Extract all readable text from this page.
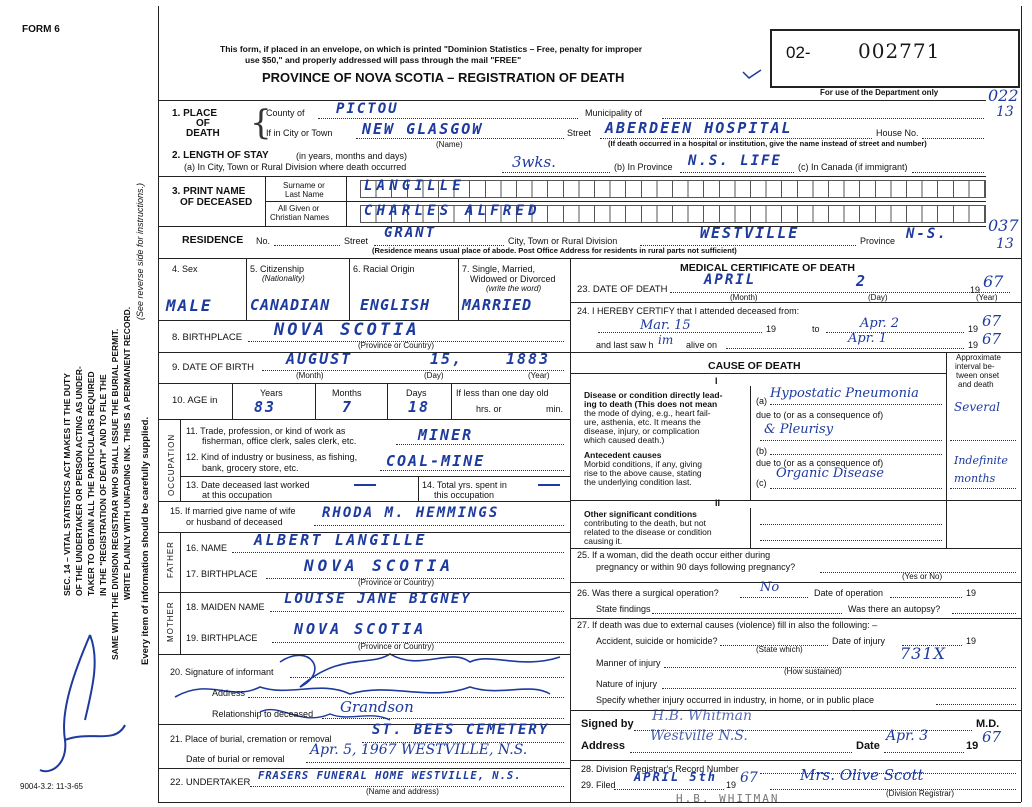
FORM 6
9004-3.2: 11-3-65
SEC. 14 – VITAL STATISTICS ACT MAKES IT THE DUTY OF THE UNDERTAKER OR PERSON ACTING AS UNDER- TAKER TO OBTAIN ALL THE PARTICULARS REQUIRED IN THE "REGISTRATION OF DEATH" AND TO FILE THE SAME WITH THE DIVISION REGISTRAR WHO SHALL ISSUE THE BURIAL PERMIT. WRITE PLAINLY WITH UNFADING INK. THIS IS A PERMANENT RECORD.
(See reverse side for instructions.)
Every item of information should be carefully supplied.
This form, if placed in an envelope, on which is printed "Dominion Statistics – Free, penalty for improper
use $50," and properly addressed will pass through the mail "FREE"
PROVINCE OF NOVA SCOTIA – REGISTRATION OF DEATH
02- 002771
For use of the Department only	022
13
1. PLACE
OF
DEATH {
County of PICTOU	Municipality of
If in City or Town NEW GLASGOW
(Name)
Street ABERDEEN HOSPITAL	House No.
(If death occurred in a hospital or institution, give the name instead of street and number)
2. LENGTH OF STAY	(in years, months and days)
(a) In City, Town or Rural Division where death occurred	3wks.	(b) In Province N.S. LIFE (c) In Canada (if immigrant)
3. PRINT NAME
OF DECEASED
Surname or
Last Name
All Given or
Christian Names
LANGILLE
CHARLES ALFRED
RESIDENCE No.	Street GRANT	City, Town or Rural Division	WESTVILLE	Province N-S.	037
13
(Residence means usual place of abode. Post Office Address for residents in rural parts not sufficient)
4. Sex	5. Citizenship
(Nationality)
6. Racial Origin	7. Single, Married,
Widowed or Divorced
(write the word)
MALE CANADIAN ENGLISH MARRIED
8. BIRTHPLACE NOVA SCOTIA
(Province or Country)
9. DATE OF BIRTH AUGUST	15,	1883
(Month)	(Day)	(Year)
10. AGE in
Years
83
Months
7
Days
18
If less than one day old
hrs. or	min.
OCCUPATION
11. Trade, profession, or kind of work as
fisherman, office clerk, sales clerk, etc.	MINER
12. Kind of industry or business, as fishing,
bank, grocery store, etc.	COAL-MINE
13. Date deceased last worked
at this occupation
14. Total yrs. spent in
this occupation
15. If married give name of wife
or husband of deceased
RHODA M. HEMMINGS
FATHER 16. NAME ALBERT LANGILLE
17. BIRTHPLACE	NOVA SCOTIA
(Province or Country)
MOTHER 18. MAIDEN NAME LOUISE JANE BIGNEY
19. BIRTHPLACE NOVA SCOTIA
(Province or Country)
20. Signature of informant
Address
Relationship to deceased Grandson
21. Place of burial, cremation or removal
ST. BEES CEMETERY
Date of burial or removal
Apr. 5, 1967 WESTVILLE, N.S.
22. UNDERTAKER
FRASERS FUNERAL HOME WESTVILLE, N.S.
(Name and address)
MEDICAL CERTIFICATE OF DEATH
23. DATE OF DEATH
APRIL	2	19 67
(Month)	(Day)	(Year)
24. I HEREBY CERTIFY that I attended deceased from:
Mar. 15	19	to	Apr. 2	19 67
and last saw h im alive on	Apr. 1	19 67
CAUSE OF DEATH
Approximate
interval be-
tween onset
and death
I
Disease or condition directly lead-
ing to death (This does not mean
the mode of dying, e.g., heart fail-
ure, asthenia, etc. It means the
disease, injury, or complication
which caused death.)
(a) Hypostatic Pneumonia
Several
due to (or as a consequence of)
& Pleurisy
(b)
Antecedent causes
Morbid conditions, if any, giving
rise to the above cause, stating
the underlying condition last.
due to (or as a consequence of)	Indefinite
(c)
Organic Disease	months
II
Other significant conditions
contributing to the death, but not
related to the disease or condition
causing it.
25. If a woman, did the death occur either during
pregnancy or within 90 days following pregnancy?
(Yes or No)
26. Was there a surgical operation?	No	Date of operation	19
State findings	Was there an autopsy?
27. If death was due to external causes (violence) fill in also the following: –
Accident, suicide or homicide?	Date of injury	19
(State which)
Manner of injury	731X
(How sustained)
Nature of injury
Specify whether injury occurred in industry, in home, or in public place
Signed by H.B. Whitman	M.D.
Address
Westville N.S.
Date
Apr. 3
19 67
28. Division Registrar's Record Number
29. Filed
APRIL 5th
19 67	Mrs. Olive Scott
(Division Registrar)
H.B. WHITMAN
